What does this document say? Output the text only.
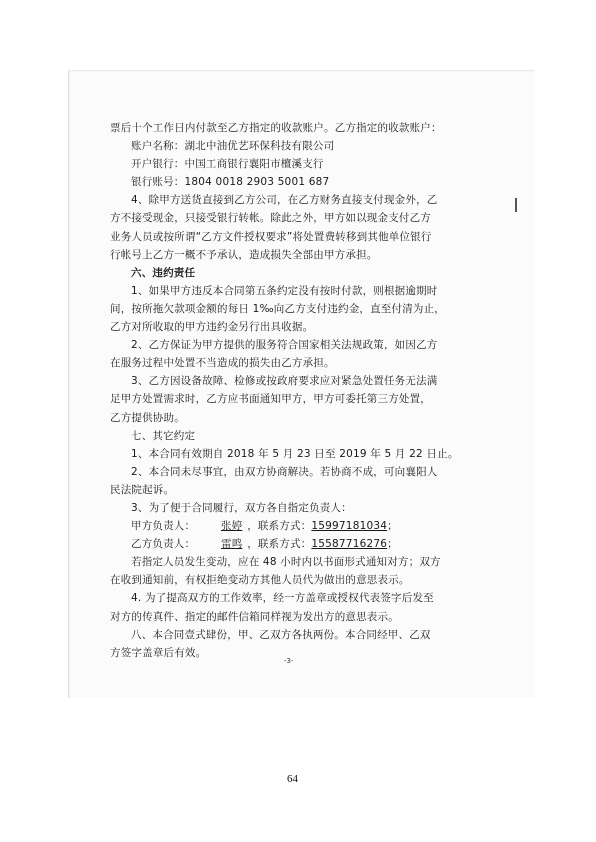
票后十个工作日内付款至乙方指定的收款账户。乙方指定的收款账户：

账户名称：湖北中油优艺环保科技有限公司

开户银行：中国工商银行襄阳市檀溪支行

银行账号：1804 0018 2903 5001 687

4、除甲方送货直接到乙方公司，在乙方财务直接支付现金外，乙

方不接受现金，只接受银行转帐。除此之外，甲方如以现金支付乙方

业务人员或按所谓“乙方文件授权要求”将处置费转移到其他单位银行

行帐号上乙方一概不予承认，造成损失全部由甲方承担。

六、违约责任

1、如果甲方违反本合同第五条约定没有按时付款，则根据逾期时

间，按所拖欠款项金额的每日 1‰向乙方支付违约金，直至付清为止，

乙方对所收取的甲方违约金另行出具收据。

2、乙方保证为甲方提供的服务符合国家相关法规政策，如因乙方

在服务过程中处置不当造成的损失由乙方承担。

3、乙方因设备故障、检修或按政府要求应对紧急处置任务无法满

足甲方处置需求时，乙方应书面通知甲方，甲方可委托第三方处置，

乙方提供协助。

七、其它约定

1、本合同有效期自 2018 年 5 月 23 日至 2019 年 5 月 22 日止。

2、本合同未尽事宜，由双方协商解决。若协商不成，可向襄阳人

民法院起诉。

3、为了便于合同履行，双方各自指定负责人：

甲方负责人： 张婷 ，联系方式：15997181034；

乙方负责人： 雷鸣 ，联系方式：15587716276；

若指定人员发生变动，应在 48 小时内以书面形式通知对方；双方

在收到通知前，有权拒绝变动方其他人员代为做出的意思表示。

4. 为了提高双方的工作效率，经一方盖章或授权代表签字后发至

对方的传真件、指定的邮件信箱同样视为发出方的意思表示。

八、本合同壹式肆份，甲、乙双方各执两份。本合同经甲、乙双

方签字盖章后有效。

-3-
64
